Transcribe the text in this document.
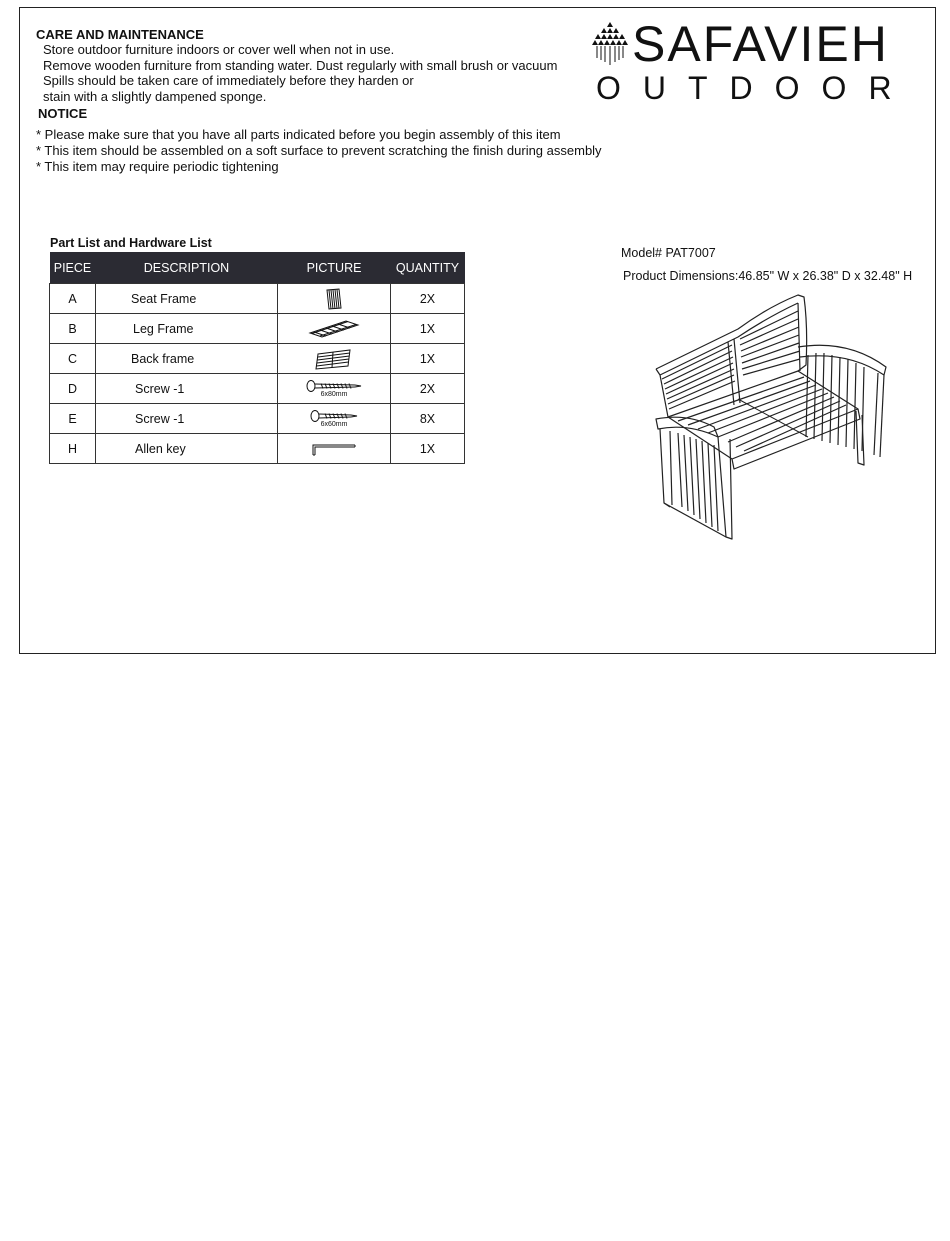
CARE AND MAINTENANCE
Store outdoor furniture indoors or cover well when not in use.
Remove wooden furniture from standing water. Dust regularly with small brush or vacuum
Spills should be taken care of immediately before they harden or
stain with a slightly dampened sponge.
NOTICE
* Please make sure that you have all parts indicated before you begin assembly of this item
* This item should be assembled on a soft surface to prevent scratching the finish during assembly
* This item may require periodic tightening
SAFAVIEH
OUTDOOR
Part List and Hardware List
PIECE	DESCRIPTION	PICTURE	QUANTITY
A	Seat Frame		2X
B	Leg Frame		1X
C	Back frame		1X
D	Screw -1	6x80mm	2X
E	Screw -1	6x60mm	8X
H	Allen key		1X
Model# PAT7007
Product Dimensions:46.85" W x 26.38" D x 32.48" H
